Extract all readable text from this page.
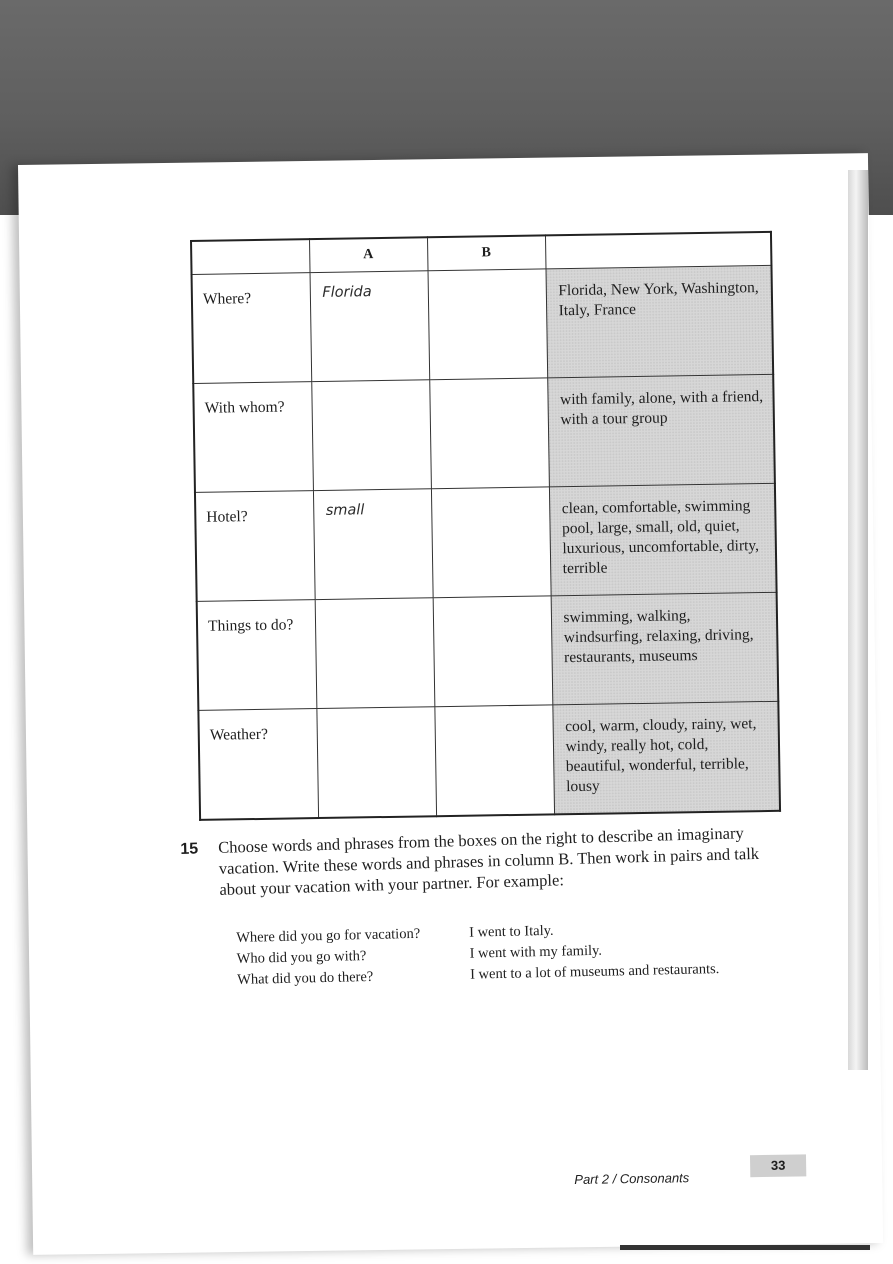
	A	B	
Where?	Florida		Florida, New York, Washington, Italy, France
With whom?			with family, alone, with a friend, with a tour group
Hotel?	small		clean, comfortable, swimming pool, large, small, old, quiet, luxurious, uncomfortable, dirty, terrible
Things to do?			swimming, walking, windsurfing, relaxing, driving, restaurants, museums
Weather?			cool, warm, cloudy, rainy, wet, windy, really hot, cold, beautiful, wonderful, terrible, lousy
15 Choose words and phrases from the boxes on the right to describe an imaginary vacation. Write these words and phrases in column B. Then work in pairs and talk about your vacation with your partner. For example:
Where did you go for vacation?
Who did you go with?
What did you do there?
I went to Italy.
I went with my family.
I went to a lot of museums and restaurants.
Part 2 / Consonants
33
